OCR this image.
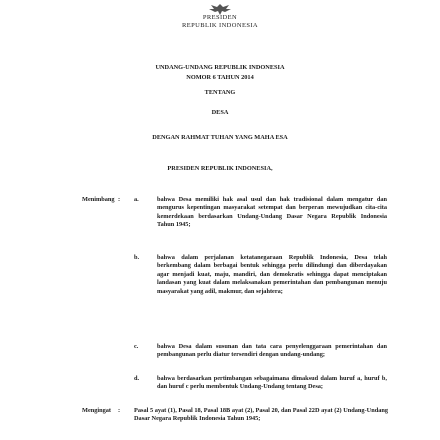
PRESIDEN
REPUBLIK INDONESIA
UNDANG-UNDANG REPUBLIK INDONESIA
NOMOR 6 TAHUN 2014
TENTANG
DESA
DENGAN RAHMAT TUHAN YANG MAHA ESA
PRESIDEN REPUBLIK INDONESIA,
Menimbang : a.	bahwa Desa memiliki hak asal usul dan hak tradisional dalam mengatur dan mengurus kepentingan masyarakat setempat dan berperan mewujudkan cita-cita kemerdekaan berdasarkan Undang-Undang Dasar Negara Republik Indonesia Tahun 1945;
b.	bahwa dalam perjalanan ketatanegaraan Republik Indonesia, Desa telah berkembang dalam berbagai bentuk sehingga perlu dilindungi dan diberdayakan agar menjadi kuat, maju, mandiri, dan demokratis sehingga dapat menciptakan landasan yang kuat dalam melaksanakan pemerintahan dan pembangunan menuju masyarakat yang adil, makmur, dan sejahtera;
c.	bahwa Desa dalam susunan dan tata cara penyelenggaraan pemerintahan dan pembangunan perlu diatur tersendiri dengan undang-undang;
d.	bahwa berdasarkan pertimbangan sebagaimana dimaksud dalam huruf a, huruf b, dan huruf c perlu membentuk Undang-Undang tentang Desa;
Mengingat : Pasal 5 ayat (1), Pasal 18, Pasal 18B ayat (2), Pasal 20, dan Pasal 22D ayat (2) Undang-Undang Dasar Negara Republik Indonesia Tahun 1945;
